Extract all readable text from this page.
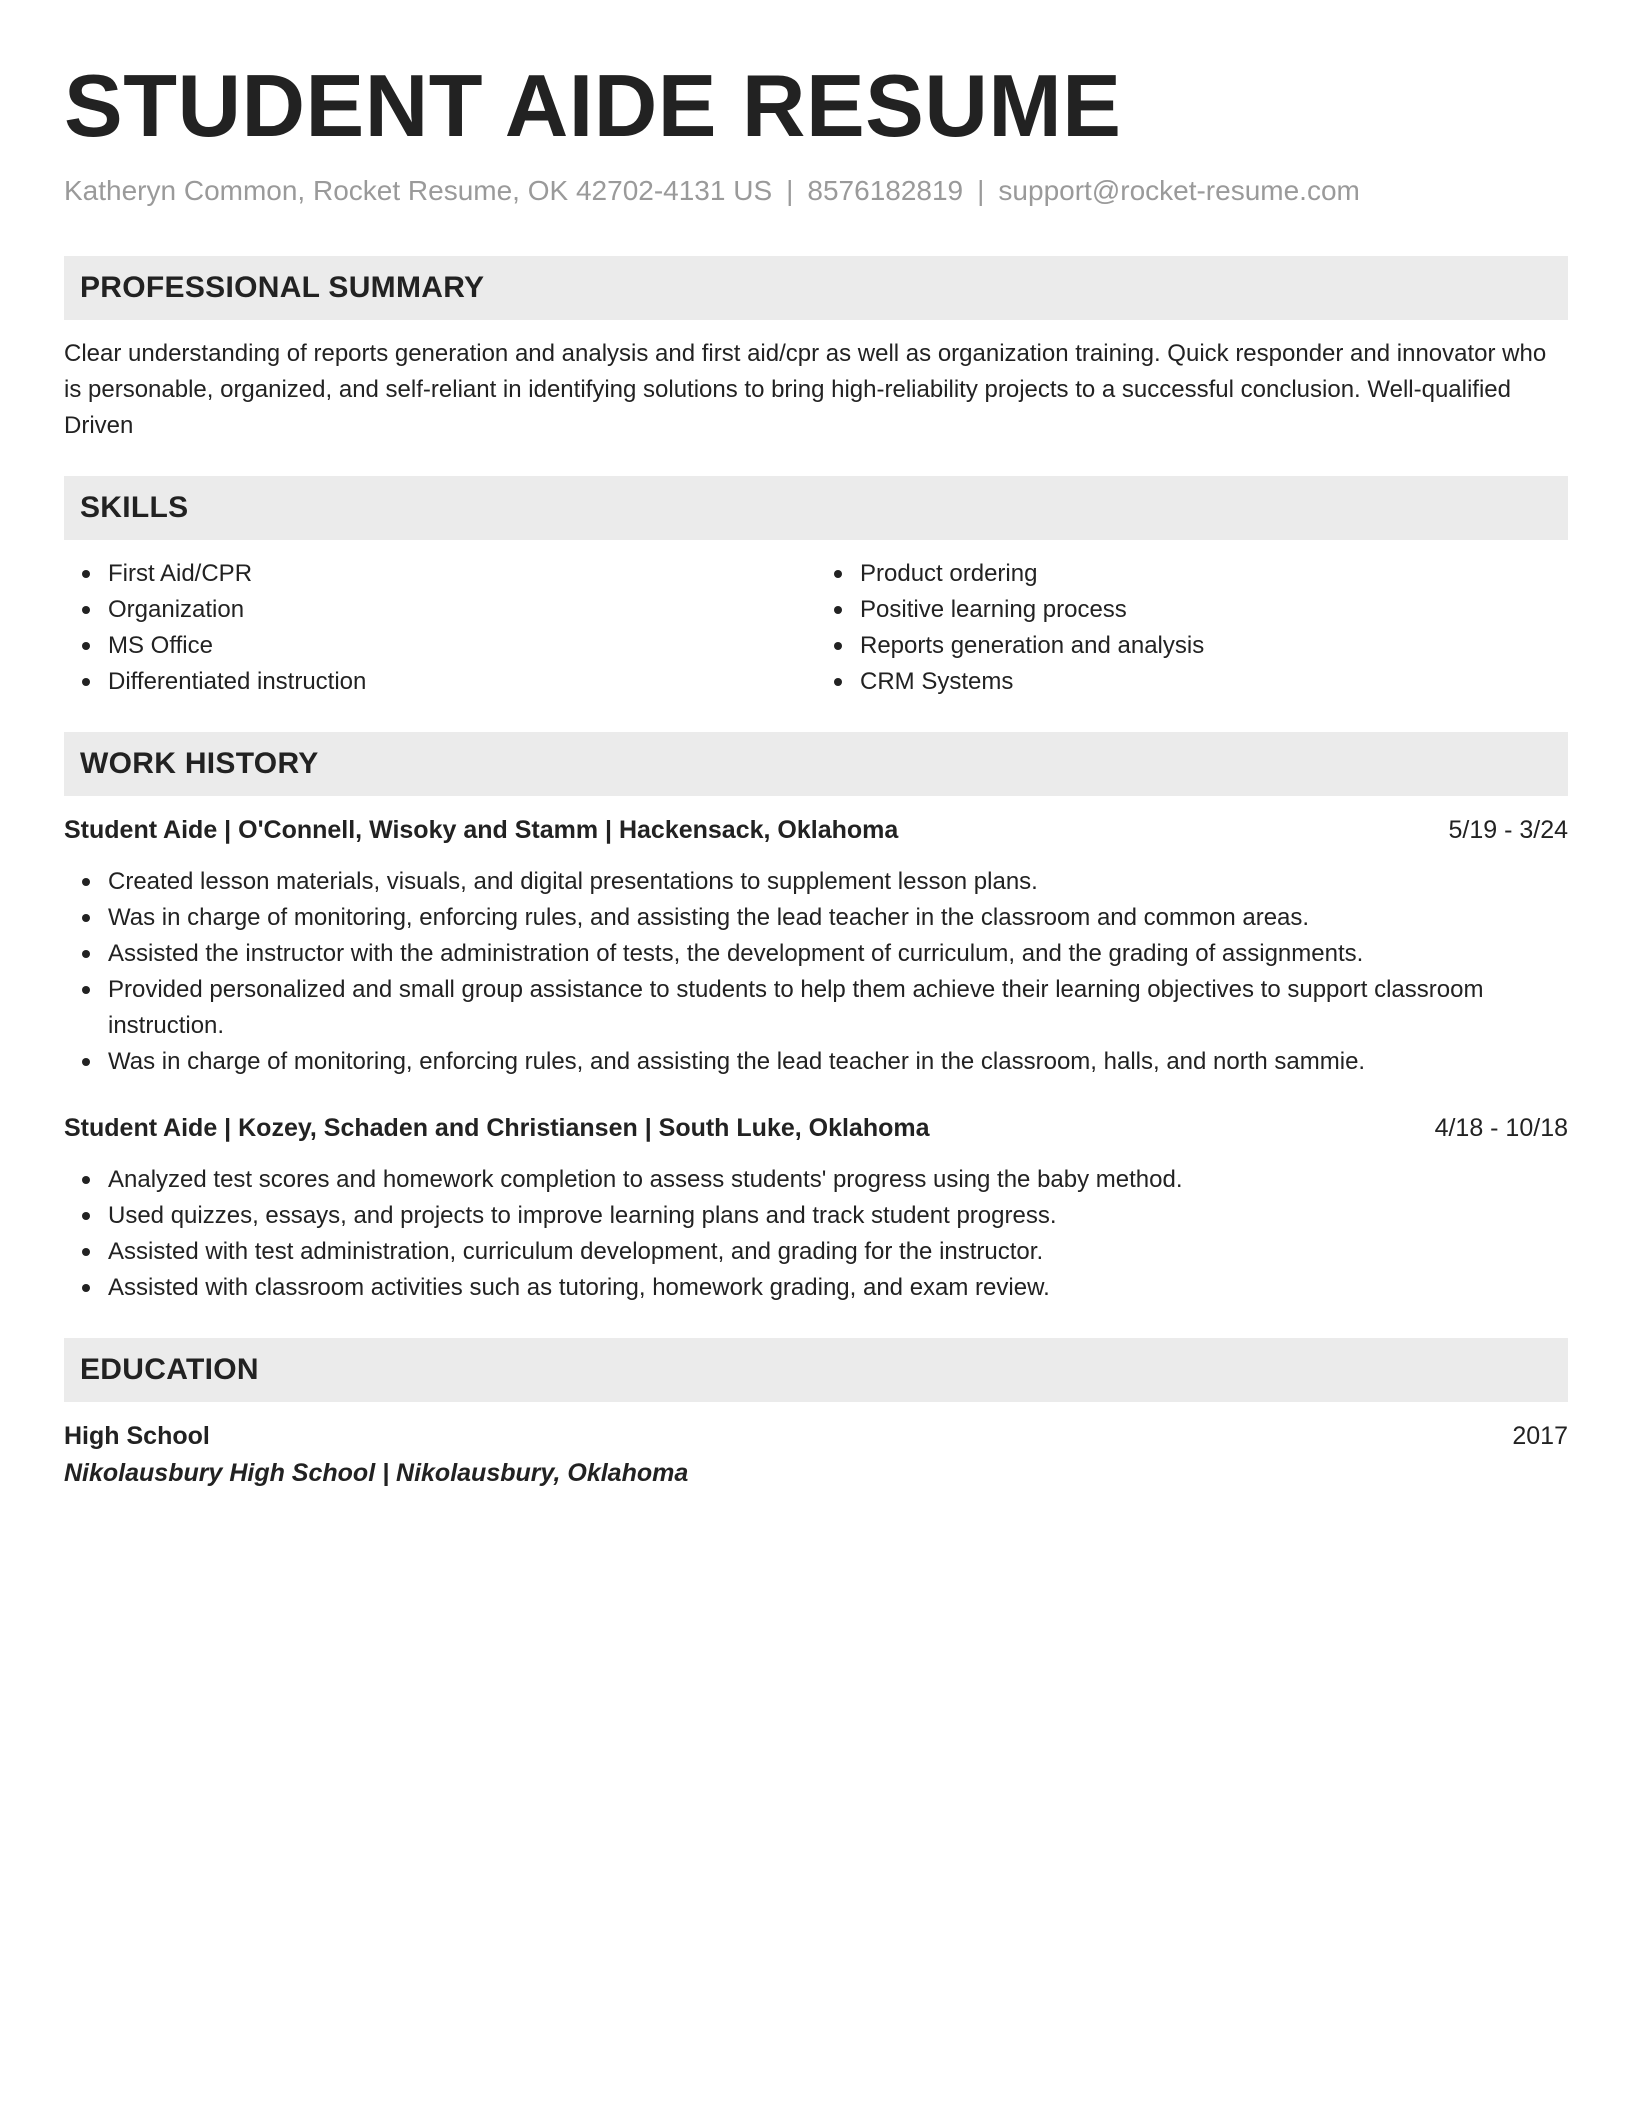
STUDENT AIDE RESUME
Katheryn Common, Rocket Resume, OK 42702-4131 US | 8576182819 | support@rocket-resume.com
PROFESSIONAL SUMMARY
Clear understanding of reports generation and analysis and first aid/cpr as well as organization training. Quick responder and innovator who is personable, organized, and self-reliant in identifying solutions to bring high-reliability projects to a successful conclusion. Well-qualified Driven
SKILLS
First Aid/CPR
Organization
MS Office
Differentiated instruction
Product ordering
Positive learning process
Reports generation and analysis
CRM Systems
WORK HISTORY
Student Aide | O'Connell, Wisoky and Stamm | Hackensack, Oklahoma	5/19 - 3/24
Created lesson materials, visuals, and digital presentations to supplement lesson plans.
Was in charge of monitoring, enforcing rules, and assisting the lead teacher in the classroom and common areas.
Assisted the instructor with the administration of tests, the development of curriculum, and the grading of assignments.
Provided personalized and small group assistance to students to help them achieve their learning objectives to support classroom instruction.
Was in charge of monitoring, enforcing rules, and assisting the lead teacher in the classroom, halls, and north sammie.
Student Aide | Kozey, Schaden and Christiansen | South Luke, Oklahoma	4/18 - 10/18
Analyzed test scores and homework completion to assess students' progress using the baby method.
Used quizzes, essays, and projects to improve learning plans and track student progress.
Assisted with test administration, curriculum development, and grading for the instructor.
Assisted with classroom activities such as tutoring, homework grading, and exam review.
EDUCATION
High School	2017
Nikolausbury High School | Nikolausbury, Oklahoma
